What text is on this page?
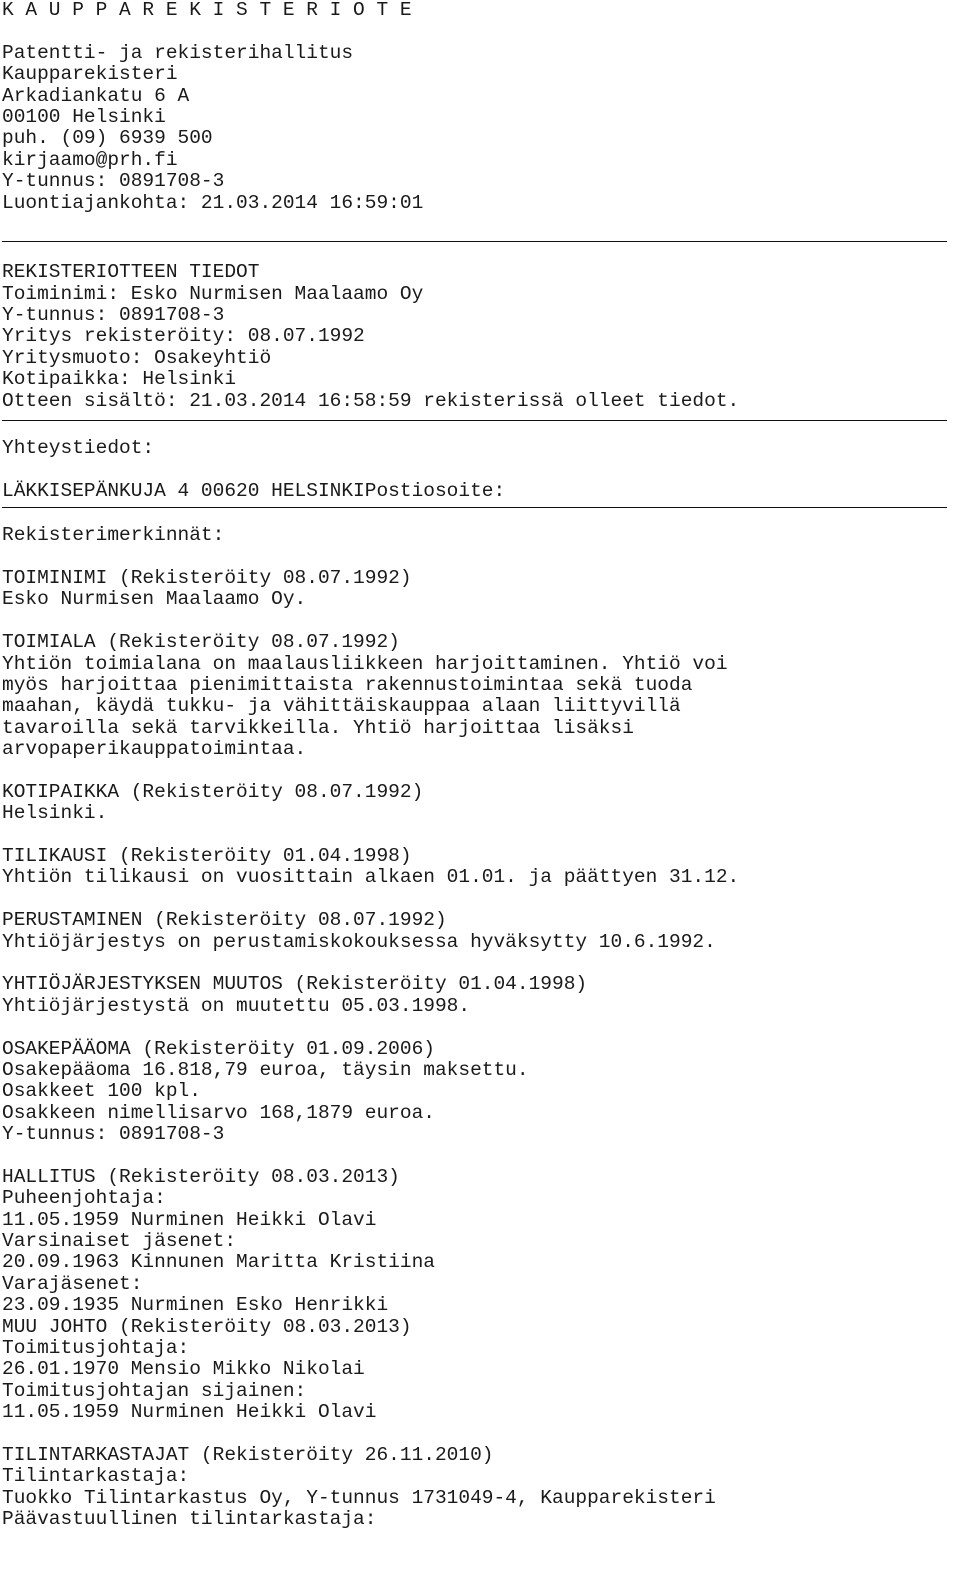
K A U P P A R E K I S T E R I O T E
Patentti- ja rekisterihallitus
Kaupparekisteri
Arkadiankatu 6 A
00100 Helsinki
puh. (09) 6939 500
kirjaamo@prh.fi
Y-tunnus: 0891708-3
Luontiajankohta: 21.03.2014 16:59:01
REKISTERIOTTEEN TIEDOT
Toiminimi: Esko Nurmisen Maalaamo Oy
Y-tunnus: 0891708-3
Yritys rekisteröity: 08.07.1992
Yritysmuoto: Osakeyhtiö
Kotipaikka: Helsinki
Otteen sisältö: 21.03.2014 16:58:59 rekisterissä olleet tiedot.
Yhteystiedot:
LÄKKISEPÄNKUJA 4 00620 HELSINKIPostiosoite:
Rekisterimerkinnät:
TOIMINIMI (Rekisteröity 08.07.1992)
Esko Nurmisen Maalaamo Oy.
TOIMIALA (Rekisteröity 08.07.1992)
Yhtiön toimialana on maalausliikkeen harjoittaminen. Yhtiö voi
myös harjoittaa pienimittaista rakennustoimintaa sekä tuoda
maahan, käydä tukku- ja vähittäiskauppaa alaan liittyvillä
tavaroilla sekä tarvikkeilla. Yhtiö harjoittaa lisäksi
arvopaperikauppatoimintaa.
KOTIPAIKKA (Rekisteröity 08.07.1992)
Helsinki.
TILIKAUSI (Rekisteröity 01.04.1998)
Yhtiön tilikausi on vuosittain alkaen 01.01. ja päättyen 31.12.
PERUSTAMINEN (Rekisteröity 08.07.1992)
Yhtiöjärjestys on perustamiskokouksessa hyväksytty 10.6.1992.
YHTIÖJÄRJESTYKSEN MUUTOS (Rekisteröity 01.04.1998)
Yhtiöjärjestystä on muutettu 05.03.1998.
OSAKEPÄÄOMA (Rekisteröity 01.09.2006)
Osakepääoma 16.818,79 euroa, täysin maksettu.
Osakkeet 100 kpl.
Osakkeen nimellisarvo 168,1879 euroa.
Y-tunnus: 0891708-3
HALLITUS (Rekisteröity 08.03.2013)
Puheenjohtaja:
11.05.1959 Nurminen Heikki Olavi
Varsinaiset jäsenet:
20.09.1963 Kinnunen Maritta Kristiina
Varajäsenet:
23.09.1935 Nurminen Esko Henrikki
MUU JOHTO (Rekisteröity 08.03.2013)
Toimitusjohtaja:
26.01.1970 Mensio Mikko Nikolai
Toimitusjohtajan sijainen:
11.05.1959 Nurminen Heikki Olavi
TILINTARKASTAJAT (Rekisteröity 26.11.2010)
Tilintarkastaja:
Tuokko Tilintarkastus Oy, Y-tunnus 1731049-4, Kaupparekisteri
Päävastuullinen tilintarkastaja:
